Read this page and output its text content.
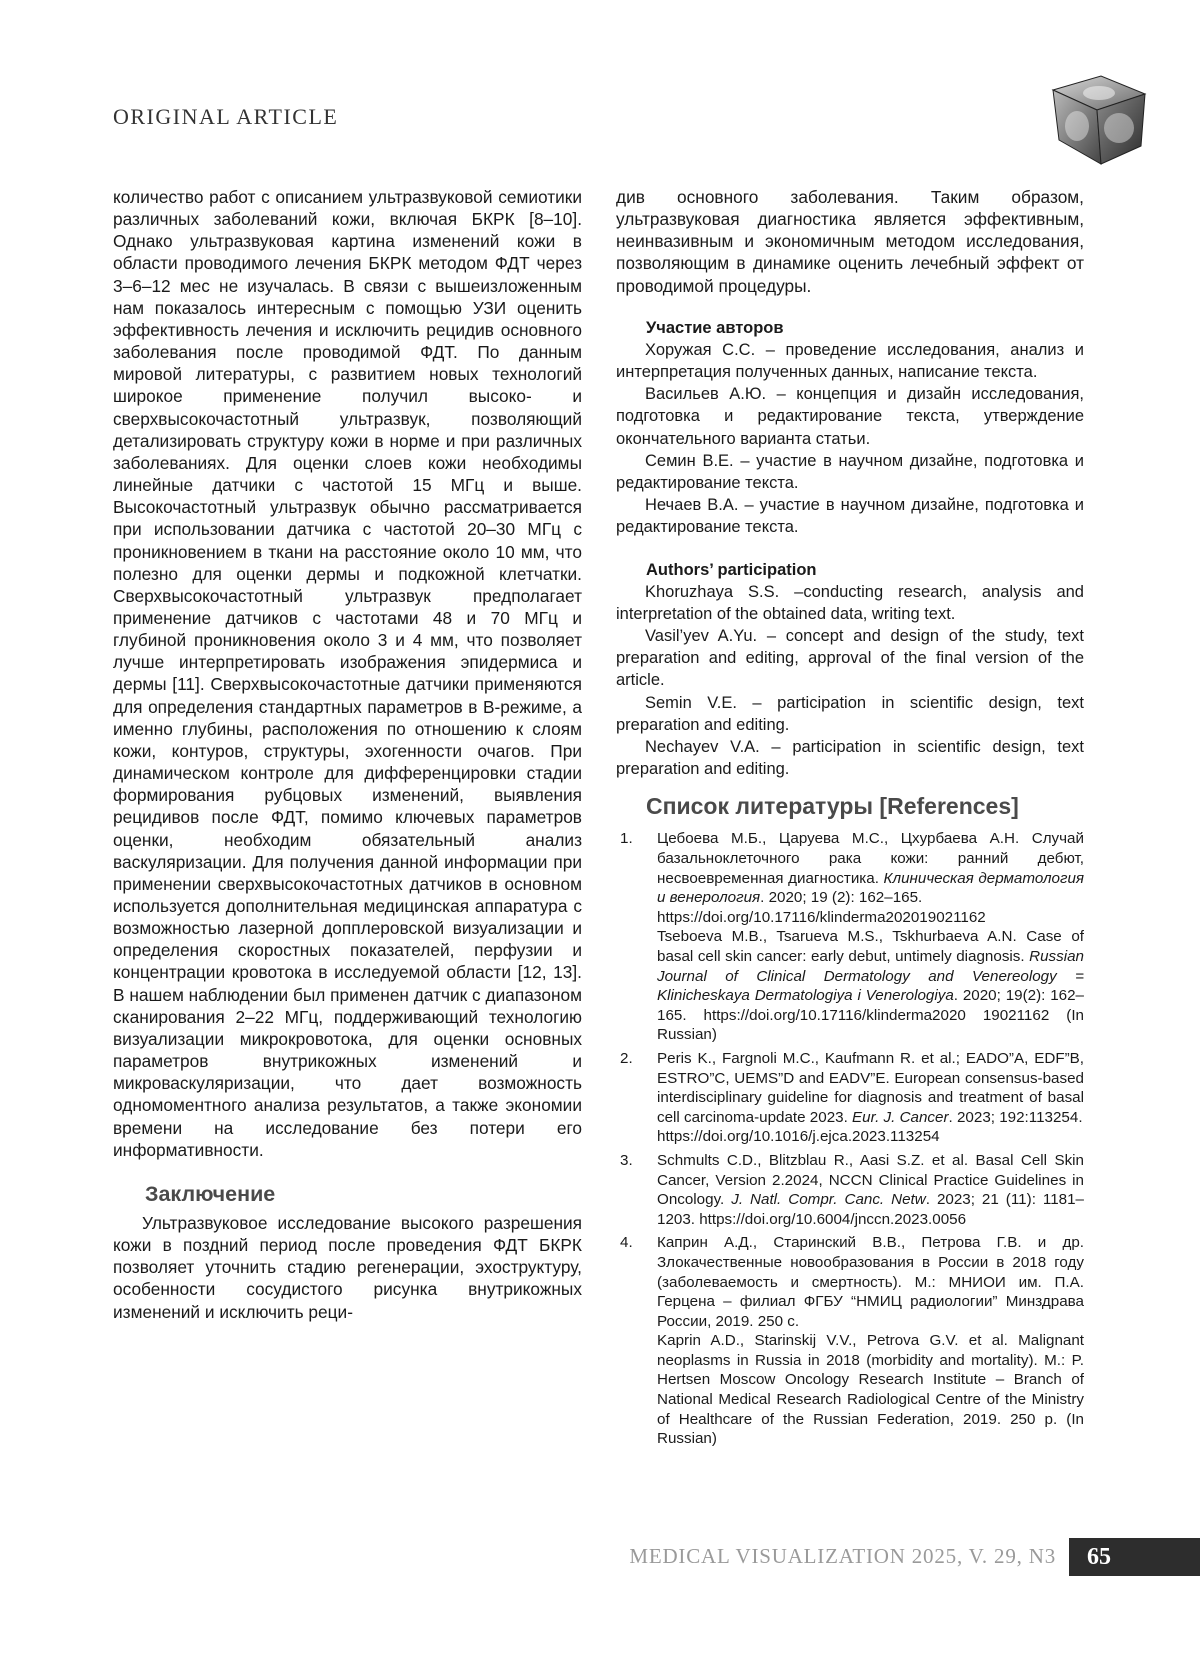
ORIGINAL ARTICLE

количество работ с описанием ультразвуковой семиотики различных заболеваний кожи, включая БКРК [8–10]. Однако ультразвуковая картина изменений кожи в области проводимого лечения БКРК методом ФДТ через 3–6–12 мес не изучалась. В связи с вышеизложенным нам показалось интересным с помощью УЗИ оценить эффективность лечения и исключить рецидив основного заболевания после проводимой ФДТ. По данным мировой литературы, с развитием новых технологий широкое применение получил высоко- и сверхвысокочастотный ультразвук, позволяющий детализировать структуру кожи в норме и при различных заболеваниях. Для оценки слоев кожи необходимы линейные датчики с частотой 15 МГц и выше. Высокочастотный ультразвук обычно рассматривается при использовании датчика с частотой 20–30 МГц с проникновением в ткани на расстояние около 10 мм, что полезно для оценки дермы и подкожной клетчатки. Сверхвысокочастотный ультразвук предполагает применение датчиков с частотами 48 и 70 МГц и глубиной проникновения около 3 и 4 мм, что позволяет лучше интерпретировать изображения эпидермиса и дермы [11]. Сверхвысокочастотные датчики применяются для определения стандартных параметров в В-режиме, а именно глубины, расположения по отношению к слоям кожи, контуров, структуры, эхогенности очагов. При динамическом контроле для дифференцировки стадии формирования рубцовых изменений, выявления рецидивов после ФДТ, помимо ключевых параметров оценки, необходим обязательный анализ васкуляризации. Для получения данной информации при применении сверхвысокочастотных датчиков в основном используется дополнительная медицинская аппаратура с возможностью лазерной допплеровской визуализации и определения скоростных показателей, перфузии и концентрации кровотока в исследуемой области [12, 13]. В нашем наблюдении был применен датчик с диапазоном сканирования 2–22 МГц, поддерживающий технологию визуализации микрокровотока, для оценки основных параметров внутрикожных изменений и микроваскуляризации, что дает возможность одномоментного анализа результатов, а также экономии времени на исследование без потери его информативности.

Заключение

Ультразвуковое исследование высокого разрешения кожи в поздний период после проведения ФДТ БКРК позволяет уточнить стадию регенерации, эхоструктуру, особенности сосудистого рисунка внутрикожных изменений и исключить реци-

див основного заболевания. Таким образом, ультразвуковая диагностика является эффективным, неинвазивным и экономичным методом исследования, позволяющим в динамике оценить лечебный эффект от проводимой процедуры.

Участие авторов

Хоружая С.С. – проведение исследования, анализ и интерпретация полученных данных, написание текста.

Васильев А.Ю. – концепция и дизайн исследования, подготовка и редактирование текста, утверждение окончательного варианта статьи.

Семин В.Е. – участие в научном дизайне, подготовка и редактирование текста.

Нечаев В.А. – участие в научном дизайне, подготовка и редактирование текста.

Authors’ participation

Khoruzhaya S.S. –conducting research, analysis and interpretation of the obtained data, writing text.

Vasil’yev A.Yu. – concept and design of the study, text preparation and editing, approval of the final version of the article.

Semin V.E. – participation in scientific design, text preparation and editing.

Nechayev V.A. – participation in scientific design, text preparation and editing.

Список литературы [References]
1. Цебоева М.Б., Царуева М.С., Цхурбаева А.Н. Случай базальноклеточного рака кожи: ранний дебют, несвоевременная диагностика. Клиническая дерматология и венерология. 2020; 19 (2): 162–165.
https://doi.org/10.17116/klinderma202019021162
Tseboeva M.B., Tsarueva M.S., Tskhurbaeva A.N. Case of basal cell skin cancer: early debut, untimely diagnosis. Russian Journal of Clinical Dermatology and Venereology = Klinicheskaya Dermatologiya i Venerologiya. 2020; 19(2): 162–165. https://doi.org/10.17116/klinderma2020 19021162 (In Russian)
2. Peris K., Fargnoli M.C., Kaufmann R. et al.; EADO”A, EDF”B, ESTRO”C, UEMS”D and EADV”E. European consensus-based interdisciplinary guideline for diagnosis and treatment of basal cell carcinoma-update 2023. Eur. J. Cancer. 2023; 192:113254.
https://doi.org/10.1016/j.ejca.2023.113254
3. Schmults C.D., Blitzblau R., Aasi S.Z. et al. Basal Cell Skin Cancer, Version 2.2024, NCCN Clinical Practice Guidelines in Oncology. J. Natl. Compr. Canc. Netw. 2023; 21 (11): 1181–1203. https://doi.org/10.6004/jnccn.2023.0056
4. Каприн А.Д., Старинский В.В., Петрова Г.В. и др. Злокачественные новообразования в России в 2018 году (заболеваемость и смертность). М.: МНИОИ им. П.А. Герцена – филиал ФГБУ “НМИЦ радиологии” Минздрава России, 2019. 250 с.
Kaprin A.D., Starinskij V.V., Petrova G.V. et al. Malignant neoplasms in Russia in 2018 (morbidity and mortality). M.: P. Hertsen Moscow Oncology Research Institute – Branch of National Medical Research Radiological Centre of the Ministry of Healthcare of the Russian Federation, 2019. 250 p. (In Russian)
MEDICAL VISUALIZATION 2025, V. 29, N3	65
